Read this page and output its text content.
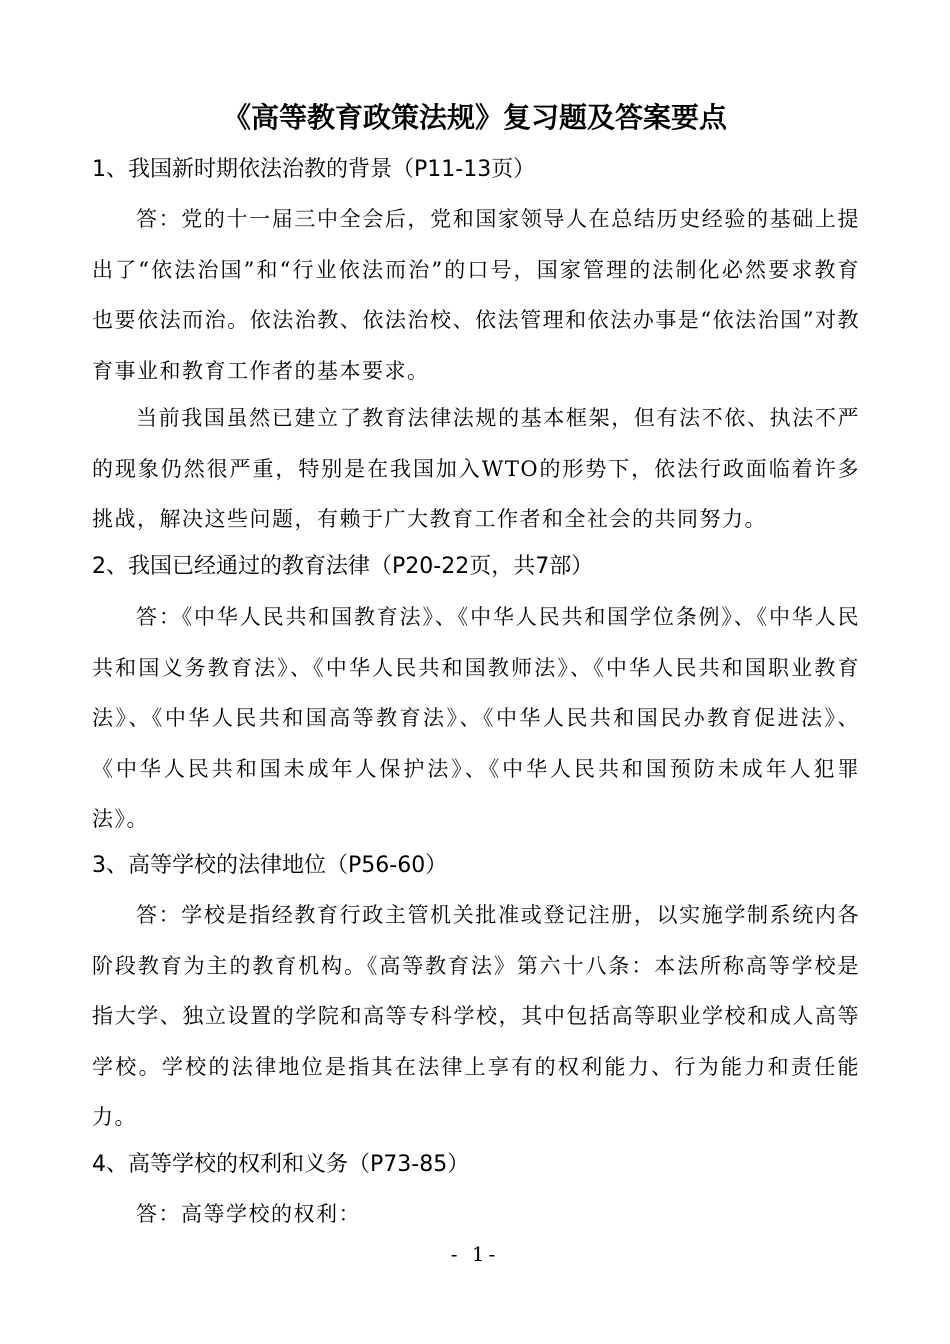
《高等教育政策法规》复习题及答案要点
1、我国新时期依法治教的背景（P11-13页）

答：党的十一届三中全会后，党和国家领导人在总结历史经验的基础上提出了“依法治国”和“行业依法而治”的口号，国家管理的法制化必然要求教育也要依法而治。依法治教、依法治校、依法管理和依法办事是“依法治国”对教育事业和教育工作者的基本要求。

当前我国虽然已建立了教育法律法规的基本框架，但有法不依、执法不严的现象仍然很严重，特别是在我国加入WTO的形势下，依法行政面临着许多挑战，解决这些问题，有赖于广大教育工作者和全社会的共同努力。

2、我国已经通过的教育法律（P20-22页，共7部）

答：《中华人民共和国教育法》、《中华人民共和国学位条例》、《中华人民共和国义务教育法》、《中华人民共和国教师法》、《中华人民共和国职业教育法》、《中华人民共和国高等教育法》、《中华人民共和国民办教育促进法》、《中华人民共和国未成年人保护法》、《中华人民共和国预防未成年人犯罪法》。

3、高等学校的法律地位（P56-60）

答：学校是指经教育行政主管机关批准或登记注册，以实施学制系统内各阶段教育为主的教育机构。《高等教育法》第六十八条：本法所称高等学校是指大学、独立设置的学院和高等专科学校，其中包括高等职业学校和成人高等学校。学校的法律地位是指其在法律上享有的权利能力、行为能力和责任能力。

4、高等学校的权利和义务（P73-85）

答：高等学校的权利：

- 1-
